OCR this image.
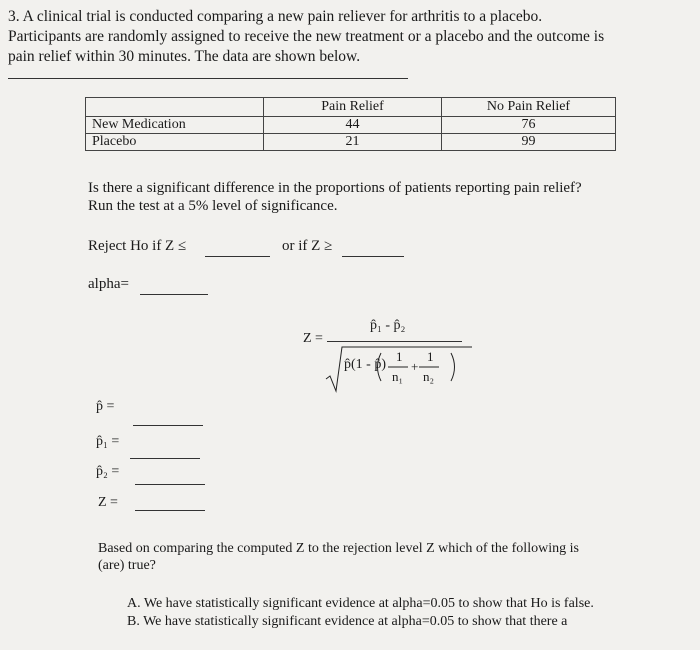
3. A clinical trial is conducted comparing a new pain reliever for arthritis to a placebo.
Participants are randomly assigned to receive the new treatment or a placebo and the outcome is
pain relief within 30 minutes. The data are shown below.
	Pain Relief	No Pain Relief
New Medication	44	76
Placebo	21	99
Is there a significant difference in the proportions of patients reporting pain relief?
Run the test at a 5% level of significance.
Reject Ho if Z ≤	or if Z ≥
alpha=
Z =
p̂₁ - p̂₂
p̂(1 - p̂)
1 1
n₁
+
n₂
p̂ =
p̂₁ =
p̂₂ =
Z =
Based on comparing the computed Z to the rejection level Z which of the following is
(are) true?
A. We have statistically significant evidence at alpha=0.05 to show that Ho is false.
B. We have statistically significant evidence at alpha=0.05 to show that there a
